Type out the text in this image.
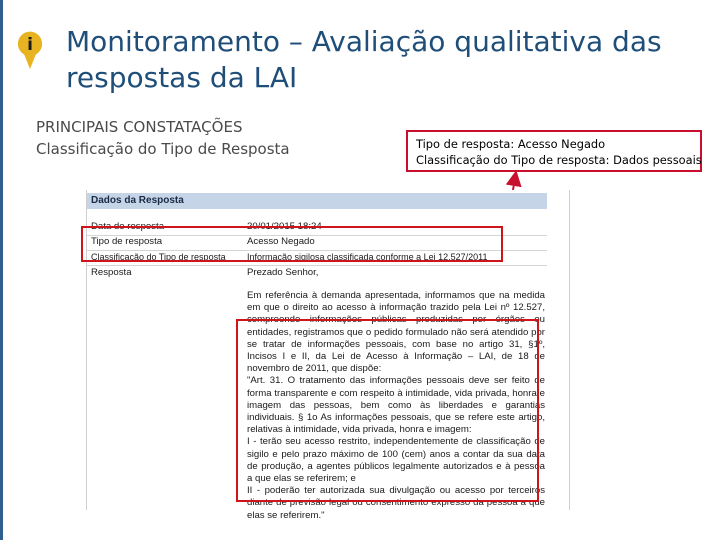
i Monitoramento – Avaliação qualitativa das respostas da LAI
PRINCIPAIS CONSTATAÇÕES
Classificação do Tipo de Resposta	Tipo de resposta: Acesso Negado
Classificação do Tipo de resposta: Dados pessoais
Dados da Resposta
Data de resposta	20/01/2015 18:24
Tipo de resposta	Acesso Negado
Classificação do Tipo de resposta	Informação sigilosa classificada conforme a Lei 12.527/2011
Resposta	Prezado Senhor,

Em referência à demanda apresentada, informamos que na medida em que o direito ao acesso à informação trazido pela Lei nº 12.527, compreende informações públicas produzidas por órgãos ou entidades, registramos que o pedido formulado não será atendido por se tratar de informações pessoais, com base no artigo 31, §1º, Incisos I e II, da Lei de Acesso à Informação – LAI, de 18 de novembro de 2011, que dispõe:

"Art. 31. O tratamento das informações pessoais deve ser feito de forma transparente e com respeito à intimidade, vida privada, honra e imagem das pessoas, bem como às liberdades e garantias individuais. § 1o As informações pessoais, que se refere este artigo, relativas à intimidade, vida privada, honra e imagem:

I - terão seu acesso restrito, independentemente de classificação de sigilo e pelo prazo máximo de 100 (cem) anos a contar da sua data de produção, a agentes públicos legalmente autorizados e à pessoa a que elas se referirem; e

II - poderão ter autorizada sua divulgação ou acesso por terceiros diante de previsão legal ou consentimento expresso da pessoa a que elas se referirem."
